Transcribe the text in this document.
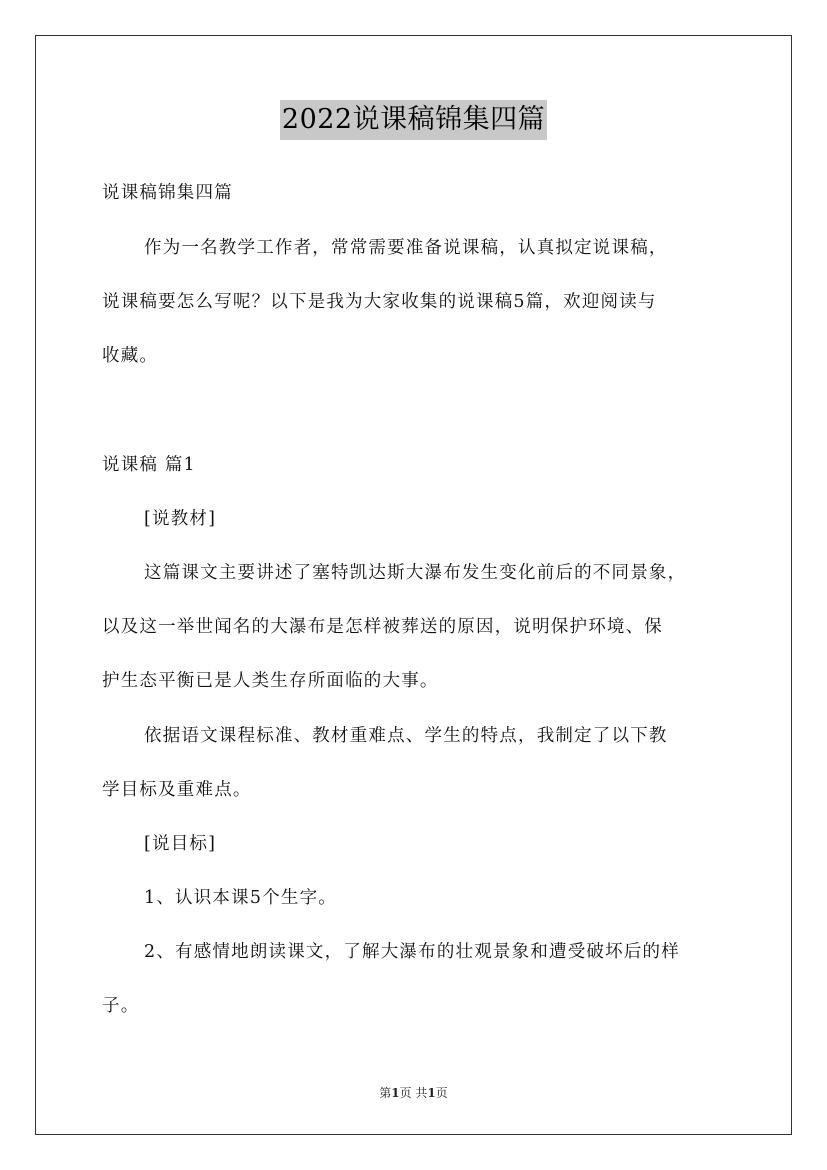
2022说课稿锦集四篇

说课稿锦集四篇

作为一名教学工作者，常常需要准备说课稿，认真拟定说课稿，

说课稿要怎么写呢？以下是我为大家收集的说课稿5篇，欢迎阅读与

收藏。

说课稿 篇1

[说教材]

这篇课文主要讲述了塞特凯达斯大瀑布发生变化前后的不同景象，

以及这一举世闻名的大瀑布是怎样被葬送的原因，说明保护环境、保

护生态平衡已是人类生存所面临的大事。

依据语文课程标准、教材重难点、学生的特点，我制定了以下教

学目标及重难点。

[说目标]

1、认识本课5个生字。

2、有感情地朗读课文，了解大瀑布的壮观景象和遭受破坏后的样

子。

第1页 共1页
